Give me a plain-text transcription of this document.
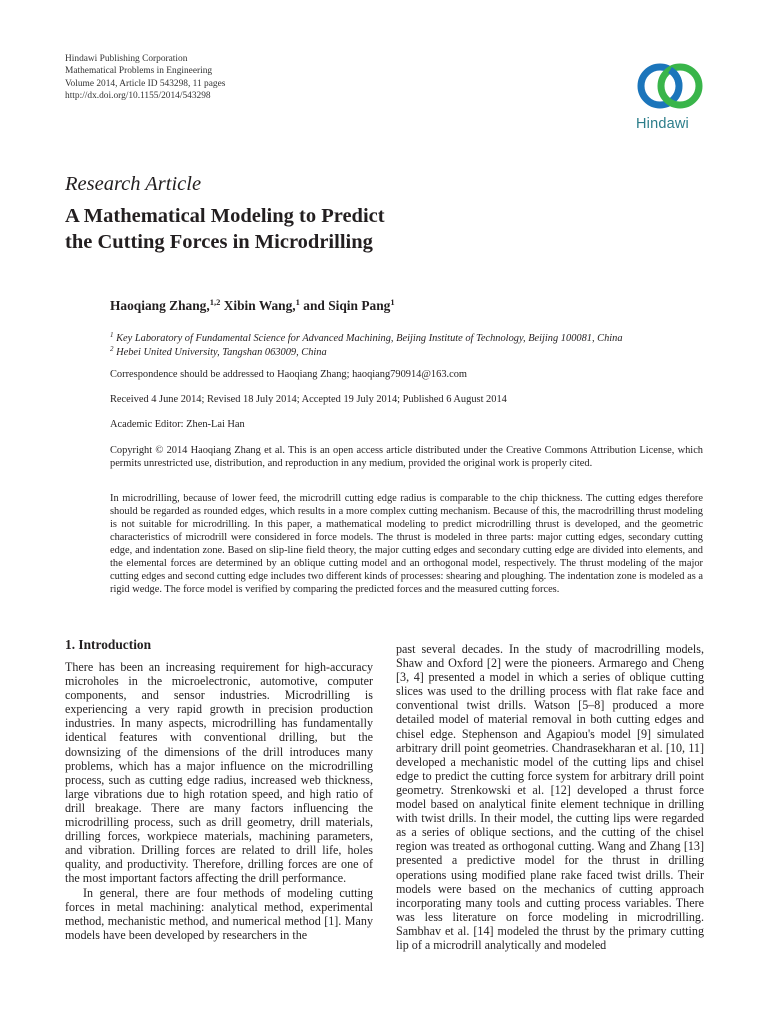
Hindawi Publishing Corporation
Mathematical Problems in Engineering
Volume 2014, Article ID 543298, 11 pages
http://dx.doi.org/10.1155/2014/543298
Hindawi
Research Article
A Mathematical Modeling to Predict
the Cutting Forces in Microdrilling
Haoqiang Zhang,$^{1,2}$ Xibin Wang,$^1$ and Siqin Pang$^1$
$^1$ Key Laboratory of Fundamental Science for Advanced Machining, Beijing Institute of Technology, Beijing 100081, China
$^2$ Hebei United University, Tangshan 063009, China
Correspondence should be addressed to Haoqiang Zhang; haoqiang790914@163.com
Received 4 June 2014; Revised 18 July 2014; Accepted 19 July 2014; Published 6 August 2014
Academic Editor: Zhen-Lai Han
Copyright © 2014 Haoqiang Zhang et al. This is an open access article distributed under the Creative Commons Attribution License, which permits unrestricted use, distribution, and reproduction in any medium, provided the original work is properly cited.
In microdrilling, because of lower feed, the microdrill cutting edge radius is comparable to the chip thickness. The cutting edges therefore should be regarded as rounded edges, which results in a more complex cutting mechanism. Because of this, the macrodrilling thrust modeling is not suitable for microdrilling. In this paper, a mathematical modeling to predict microdrilling thrust is developed, and the geometric characteristics of microdrill were considered in force models. The thrust is modeled in three parts: major cutting edges, secondary cutting edge, and indentation zone. Based on slip-line field theory, the major cutting edges and secondary cutting edge are divided into elements, and the elemental forces are determined by an oblique cutting model and an orthogonal model, respectively. The thrust modeling of the major cutting edges and second cutting edge includes two different kinds of processes: shearing and ploughing. The indentation zone is modeled as a rigid wedge. The force model is verified by comparing the predicted forces and the measured cutting forces.
1. Introduction

There has been an increasing requirement for high-accuracy microholes in the microelectronic, automotive, computer components, and sensor industries. Microdrilling is experiencing a very rapid growth in precision production industries. In many aspects, microdrilling has fundamentally identical features with conventional drilling, but the downsizing of the dimensions of the drill introduces many problems, which has a major influence on the microdrilling process, such as cutting edge radius, increased web thickness, large vibrations due to high rotation speed, and high ratio of drill breakage. There are many factors influencing the microdrilling process, such as drill geometry, drill materials, drilling forces, workpiece materials, machining parameters, and vibration. Drilling forces are related to drill life, holes quality, and productivity. Therefore, drilling forces are one of the most important factors affecting the drill performance.

In general, there are four methods of modeling cutting forces in metal machining: analytical method, experimental method, mechanistic method, and numerical method [1]. Many models have been developed by researchers in the

past several decades. In the study of macrodrilling models, Shaw and Oxford [2] were the pioneers. Armarego and Cheng [3, 4] presented a model in which a series of oblique cutting slices was used to the drilling process with flat rake face and conventional twist drills. Watson [5–8] produced a more detailed model of material removal in both cutting edges and chisel edge. Stephenson and Agapiou's model [9] simulated arbitrary drill point geometries. Chandrasekharan et al. [10, 11] developed a mechanistic model of the cutting lips and chisel edge to predict the cutting force system for arbitrary drill point geometry. Strenkowski et al. [12] developed a thrust force model based on analytical finite element technique in drilling with twist drills. In their model, the cutting lips were regarded as a series of oblique sections, and the cutting of the chisel region was treated as orthogonal cutting. Wang and Zhang [13] presented a predictive model for the thrust in drilling operations using modified plane rake faced twist drills. Their models were based on the mechanics of cutting approach incorporating many tools and cutting process variables. There was less literature on force modeling in microdrilling. Sambhav et al. [14] modeled the thrust by the primary cutting lip of a microdrill analytically and modeled
